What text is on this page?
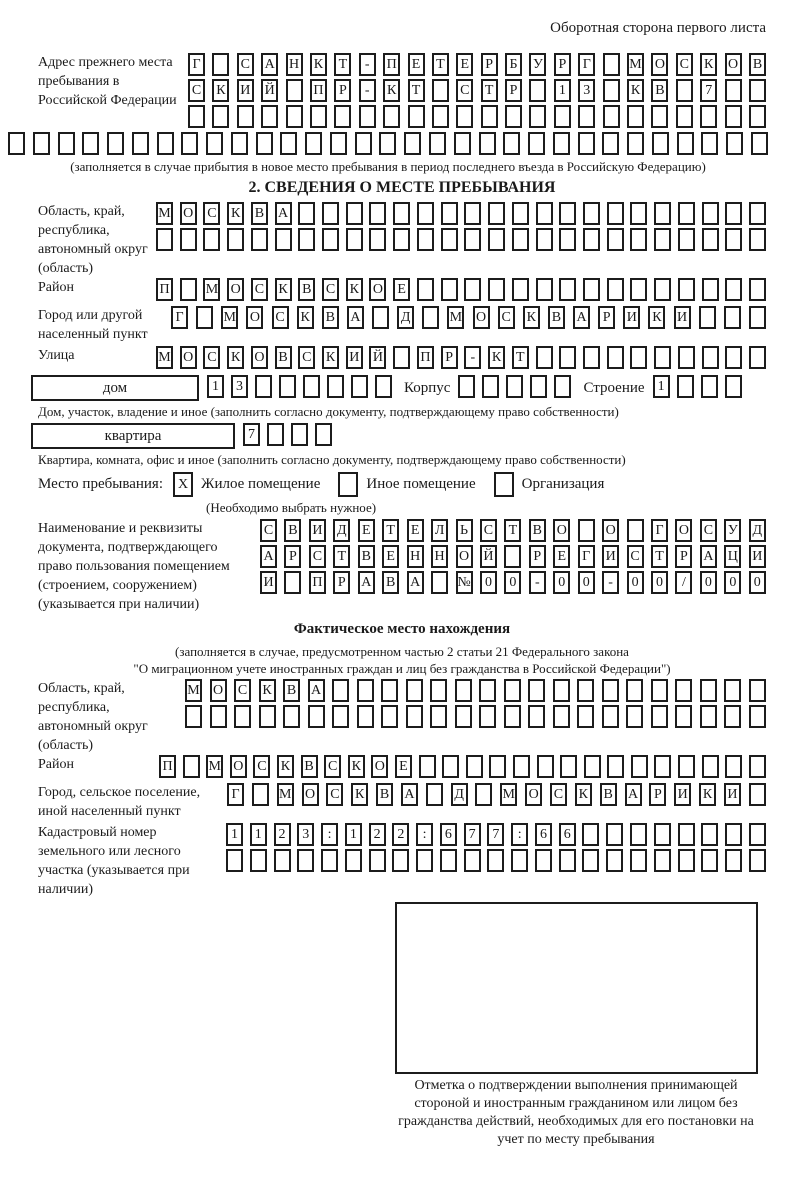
Оборотная сторона первого листа
Адрес прежнего места пребывания в Российской Федерации
Г	С А Н К	Т	-	П	Е	Т	Е	Р	Б	У	Р	Г	М О С К О В
С К И Й	П	Р	-	К	Т	С	Т	Р	1	3	К В	7
(заполняется в случае прибытия в новое место пребывания в период последнего въезда в Российскую Федерацию)
2. СВЕДЕНИЯ О МЕСТЕ ПРЕБЫВАНИЯ
Область, край, республика, автономный округ (область)
М О С К В А
Район	П	М О С К В С К О	Е
Город или другой населенный пункт
Г	М О С К В А	Д	М О С К В А	Р	И К И
Улица	М О С К О В С К И Й	П	Р	-	К	Т
дом	1	3	Корпус	Строение 1
Дом, участок, владение и иное (заполнить согласно документу, подтверждающему право собственности)
квартира	7
Квартира, комната, офис и иное (заполнить согласно документу, подтверждающему право собственности)
Место пребывания:	X Жилое помещение	Иное помещение	Организация
(Необходимо выбрать нужное)
Наименование и реквизиты документа, подтверждающего право пользования помещением (строением, сооружением) (указывается при наличии)
С В И Д	Е	Т	Е	Л	Ь	С	Т	В О	О	Г	О С У Д
А	Р	С	Т	В	Е	Н Н О Й	Р	Е	Г	И С	Т	Р	А Ц И
И	П	Р	А В А	№	0	0	-	0	0	-	0	0	/	0	0	0
Фактическое место нахождения
(заполняется в случае, предусмотренном частью 2 статьи 21 Федерального закона
"О миграционном учете иностранных граждан и лиц без гражданства в Российской Федерации")
Область, край, республика, автономный округ (область)
М О С К В А
Район	П	М О С К В С К О	Е
Город, сельское поселение, иной населенный пункт
Г	М О С К В А	Д	М О С К В А	Р	И К И
Кадастровый номер земельного или лесного участка (указывается при наличии)
1	1	2	3	:	1	2	2	:	6	7	7	:	6	6
Отметка о подтверждении выполнения принимающей стороной и иностранным гражданином или лицом без гражданства действий, необходимых для его постановки на учет по месту пребывания
